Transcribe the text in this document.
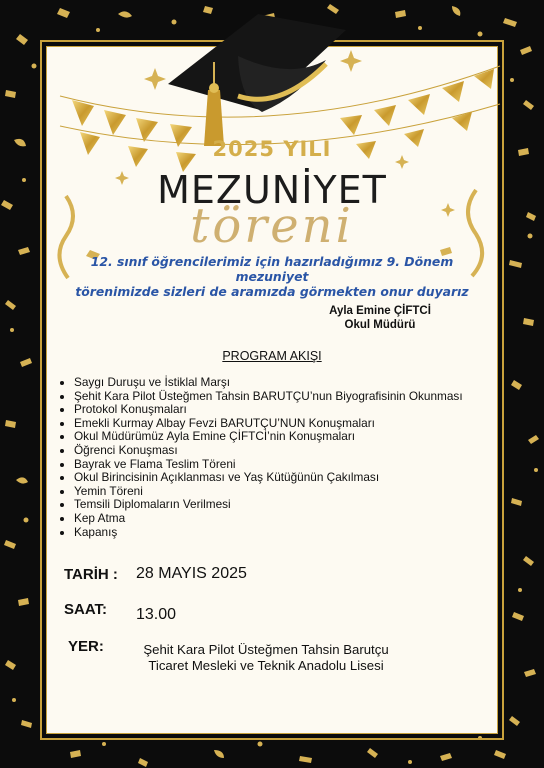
2025 YILI
MEZUNİYET
töreni
12. sınıf öğrencilerimiz için hazırladığımız 9. Dönem mezuniyet
törenimizde sizleri de aramızda görmekten onur duyarız
Ayla Emine ÇİFTCİ
Okul Müdürü
PROGRAM AKIŞI
• Saygı Duruşu ve İstiklal Marşı
• Şehit Kara Pilot Üsteğmen Tahsin BARUTÇU’nun Biyografisinin Okunması
• Protokol Konuşmaları
• Emekli Kurmay Albay Fevzi BARUTÇU’NUN Konuşmaları
• Okul Müdürümüz Ayla Emine ÇİFTCİ’nin Konuşmaları
• Öğrenci Konuşması
• Bayrak ve Flama Teslim Töreni
• Okul Birincisinin Açıklanması ve Yaş Kütüğünün Çakılması
• Yemin Töreni
• Temsili Diplomaların Verilmesi
• Kep Atma
• Kapanış
TARİH : 28 MAYIS 2025
SAAT: 13.00
YER:	Şehit Kara Pilot Üsteğmen Tahsin Barutçu
Ticaret Mesleki ve Teknik Anadolu Lisesi
